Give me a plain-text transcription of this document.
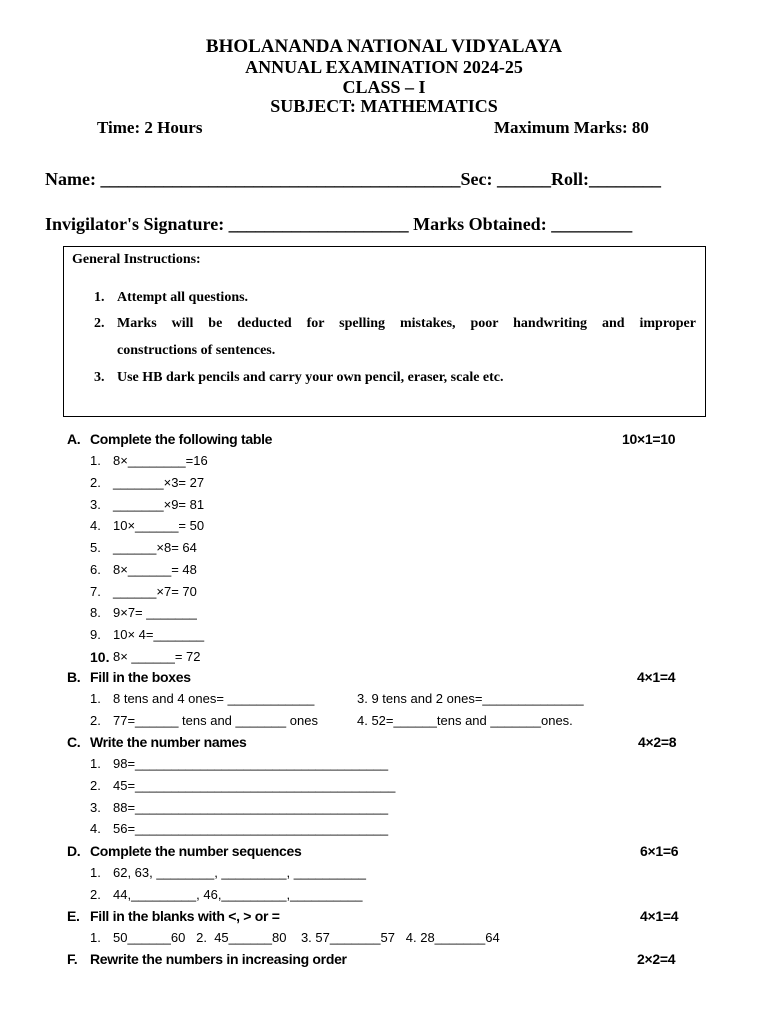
BHOLANANDA NATIONAL VIDYALAYA
ANNUAL EXAMINATION 2024-25
CLASS – I
SUBJECT: MATHEMATICS
Time: 2 Hours	Maximum Marks: 80
Name: ________________________________________Sec: ______Roll:________
Invigilator's Signature: ____________________ Marks Obtained: _________
General Instructions:
1. Attempt all questions.
2. Marks will be deducted for spelling mistakes, poor handwriting and improper
constructions of sentences.
3. Use HB dark pencils and carry your own pencil, eraser, scale etc.
A. Complete the following table	10×1=10
1. 8×________=16
2. _______×3= 27
3. _______×9= 81
4. 10×______= 50
5. ______×8= 64
6. 8×______= 48
7. ______×7= 70
8. 9×7= _______
9. 10× 4=_______
10. 8× ______= 72
B. Fill in the boxes	4×1=4
1. 8 tens and 4 ones= ____________	3. 9 tens and 2 ones=______________
2. 77=______ tens and _______ ones	4. 52=______tens and _______ones.
C. Write the number names	4×2=8
1. 98=___________________________________
2. 45=____________________________________
3. 88=___________________________________
4. 56=___________________________________
D. Complete the number sequences	6×1=6
1. 62, 63, ________, _________, __________
2. 44,_________, 46,_________,__________
E. Fill in the blanks with <, > or =	4×1=4
1. 50______60   2.  45______80    3. 57_______57   4. 28_______64
F. Rewrite the numbers in increasing order	2×2=4
